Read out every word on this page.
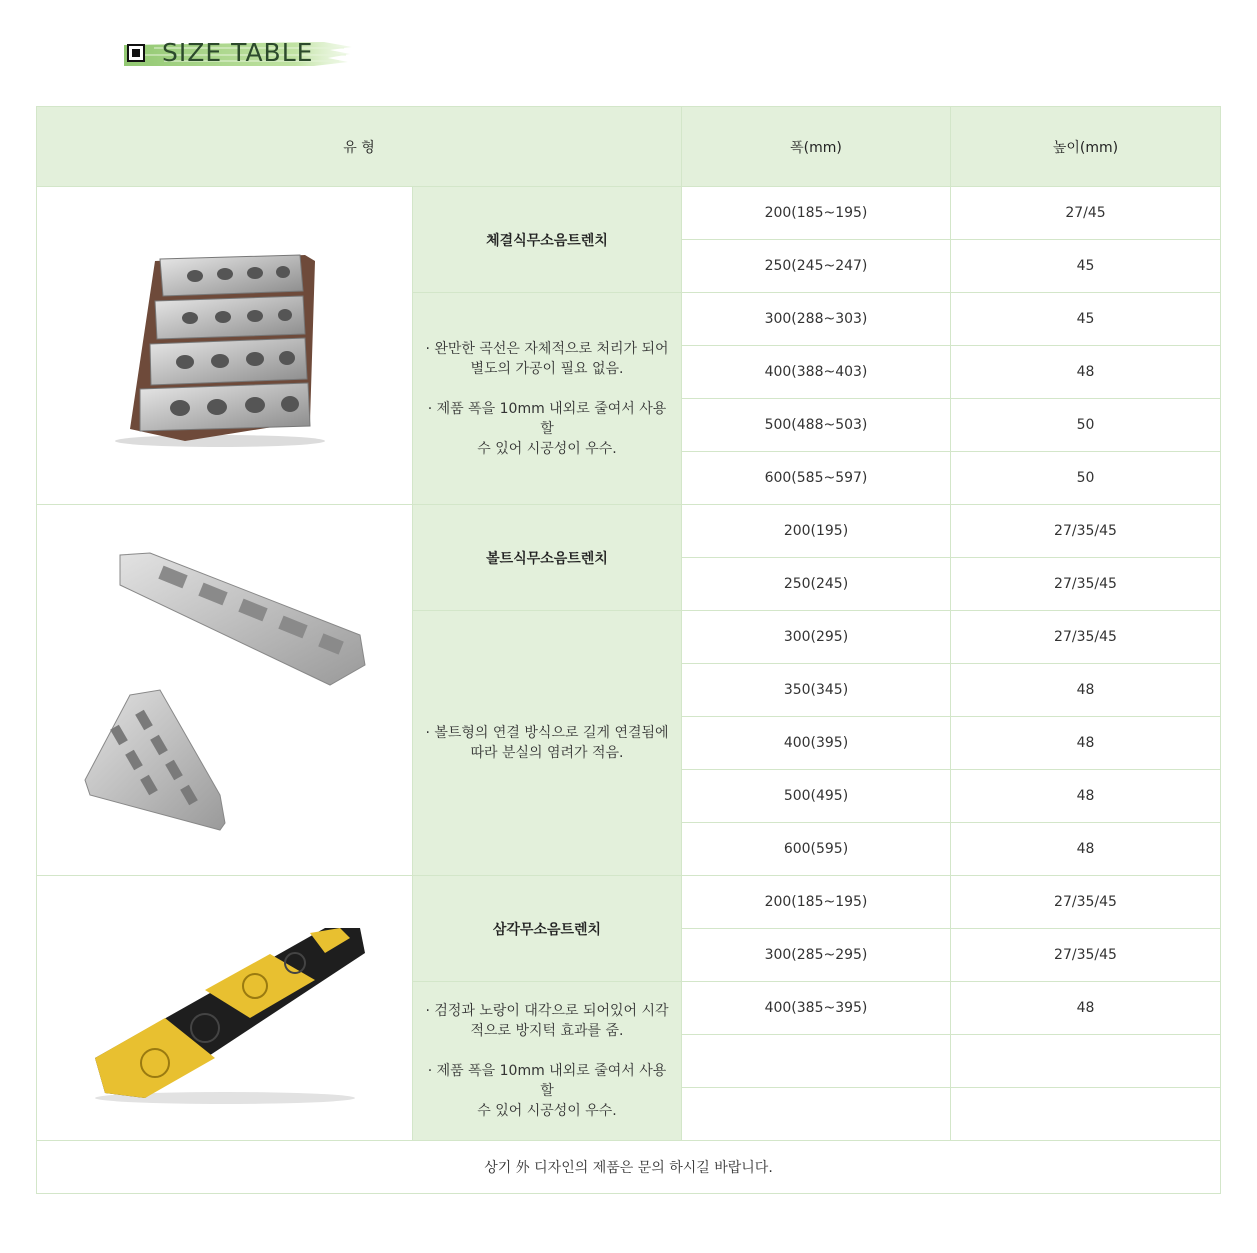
SIZE TABLE
유 형		폭(mm)	높이(mm)

	체결식무소음트렌치	200(185~195)	27/45
		250(245~247)	45

	· 완만한 곡선은 자체적으로 처리가 되어
별도의 가공이 필요 없음.
· 제품 폭을 10mm 내외로 줄여서 사용할
수 있어 시공성이 우수.	300(288~303)	45
		400(388~403)	48
		500(488~503)	50
		600(585~597)	50

	볼트식무소음트렌치	200(195)	27/35/45
		250(245)	27/35/45

	· 볼트형의 연결 방식으로 길게 연결됨에
따라 분실의 염려가 적음.	300(295)	27/35/45
		350(345)	48
		400(395)	48
		500(495)	48
		600(595)	48

	삼각무소음트렌치	200(185~195)	27/35/45
		300(285~295)	27/35/45

	· 검정과 노랑이 대각으로 되어있어 시각
적으로 방지턱 효과를 줌.
· 제품 폭을 10mm 내외로 줄여서 사용할
수 있어 시공성이 우수.	400(385~395)	48

상기 外 디자인의 제품은 문의 하시길 바랍니다.			
